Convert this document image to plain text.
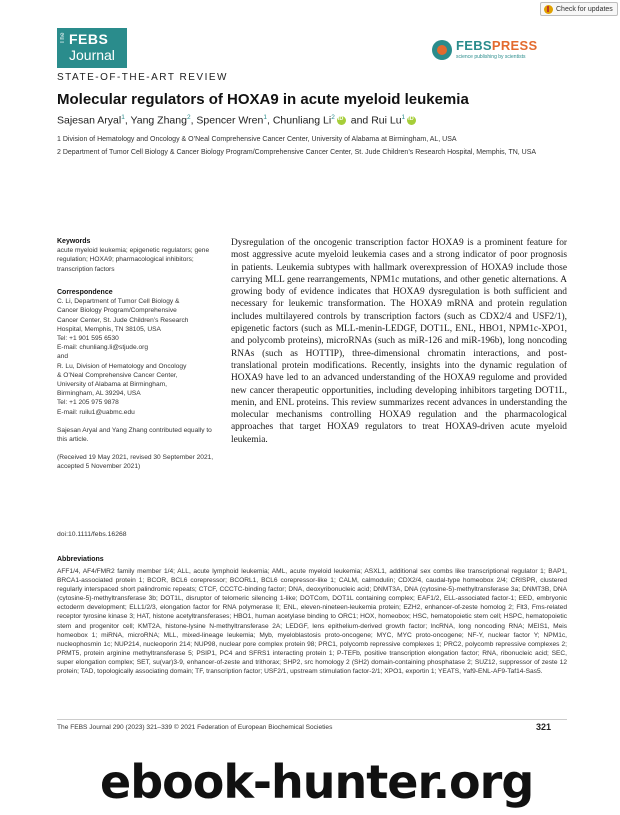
Check for updates
The FEBS
Journal
FEBSPRESS
science publishing by scientists
STATE-OF-THE-ART REVIEW
Molecular regulators of HOXA9 in acute myeloid leukemia
Sajesan Aryal$^1$, Yang Zhang$^2$, Spencer Wren$^1$, Chunliang Li$^2$iD and Rui Lu$^1$iD
1 Division of Hematology and Oncology & O’Neal Comprehensive Cancer Center, University of Alabama at Birmingham, AL, USA
2 Department of Tumor Cell Biology & Cancer Biology Program/Comprehensive Cancer Center, St. Jude Children’s Research Hospital, Memphis, TN, USA
Keywords
acute myeloid leukemia; epigenetic regulators; gene regulation; HOXA9; pharmacological inhibitors; transcription factors
Correspondence
C. Li, Department of Tumor Cell Biology &
Cancer Biology Program/Comprehensive
Cancer Center, St. Jude Children’s Research
Hospital, Memphis, TN 38105, USA
Tel: +1 901 595 6530
E-mail: chunliang.li@stjude.org
and
R. Lu, Division of Hematology and Oncology
& O’Neal Comprehensive Cancer Center,
University of Alabama at Birmingham,
Birmingham, AL 39294, USA
Tel: +1 205 975 9878
E-mail: ruilu1@uabmc.edu
Sajesan Aryal and Yang Zhang contributed equally to this article.
(Received 19 May 2021, revised 30 September 2021, accepted 5 November 2021)
doi:10.1111/febs.16268
Dysregulation of the oncogenic transcription factor HOXA9 is a prominent feature for most aggressive acute myeloid leukemia cases and a strong indicator of poor prognosis in patients. Leukemia subtypes with hallmark overexpression of HOXA9 include those carrying MLL gene rearrangements, NPM1c mutations, and other genetic alternations. A growing body of evidence indicates that HOXA9 dysregulation is both sufficient and necessary for leukemic transformation. The HOXA9 mRNA and protein regulation includes multilayered controls by transcription factors (such as CDX2/4 and USF2/1), epigenetic factors (such as MLL-menin-LEDGF, DOT1L, ENL, HBO1, NPM1c-XPO1, and polycomb proteins), microRNAs (such as miR-126 and miR-196b), long noncoding RNAs (such as HOTTIP), three-dimensional chromatin interactions, and post-translational protein modifications. Recently, insights into the dynamic regulation of HOXA9 have led to an advanced understanding of the HOXA9 regulome and provided new cancer therapeutic opportunities, including developing inhibitors targeting DOT1L, menin, and ENL proteins. This review summarizes recent advances in understanding the molecular mechanisms controlling HOXA9 regulation and the pharmacological approaches that target HOXA9 regulators to treat HOXA9-driven acute myeloid leukemia.
Abbreviations
AFF1/4, AF4/FMR2 family member 1/4; ALL, acute lymphoid leukemia; AML, acute myeloid leukemia; ASXL1, additional sex combs like transcriptional regulator 1; BAP1, BRCA1-associated protein 1; BCOR, BCL6 corepressor; BCORL1, BCL6 corepressor-like 1; CALM, calmodulin; CDX2/4, caudal-type homeobox 2/4; CRISPR, clustered regularly interspaced short palindromic repeats; CTCF, CCCTC-binding factor; DNA, deoxyribonucleic acid; DNMT3A, DNA (cytosine-5)-methyltransferase 3a; DNMT3B, DNA (cytosine-5)-methyltransferase 3b; DOT1L, disruptor of telomeric silencing 1-like; DOTCom, DOT1L containing complex; EAF1/2, ELL-associated factor-1; EED, embryonic ectoderm development; ELL1/2/3, elongation factor for RNA polymerase II; ENL, eleven-nineteen-leukemia protein; EZH2, enhancer-of-zeste homolog 2; Flt3, Fms-related receptor tyrosine kinase 3; HAT, histone acetyltransferases; HBO1, human acetylase binding to ORC1; HOX, homeobox; HSC, hematopoietic stem cell; HSPC, hematopoietic stem and progenitor cell; KMT2A, histone-lysine N-methyltransferase 2A; LEDGF, lens epithelium-derived growth factor; lncRNA, long noncoding RNA; MEIS1, Meis homeobox 1; miRNA, microRNA; MLL, mixed-lineage leukemia; Myb, myeloblastosis proto-oncogene; MYC, MYC proto-oncogene; NF-Y, nuclear factor Y; NPM1c, nucleophosmin 1c; NUP214, nucleoporin 214; NUP98, nuclear pore complex protein 98; PRC1, polycomb repressive complexes 1; PRC2, polycomb repressive complexes 2; PRMT5, protein arginine methyltransferase 5; PSIP1, PC4 and SFRS1 interacting protein 1; P-TEFb, positive transcription elongation factor; RNA, ribonucleic acid; SEC, super elongation complex; SET, su(var)3-9, enhancer-of-zeste and trithorax; SHP2, src homology 2 (SH2) domain-containing phosphatase 2; SUZ12, suppressor of zeste 12 protein; TAD, topologically associating domain; TF, transcription factor; USF2/1, upstream stimulation factor-2/1; XPO1, exportin 1; YEATS, Yaf9-ENL-AF9-Taf14-Sas5.
The FEBS Journal 290 (2023) 321–339 © 2021 Federation of European Biochemical Societies	321
ebook-hunter.org
